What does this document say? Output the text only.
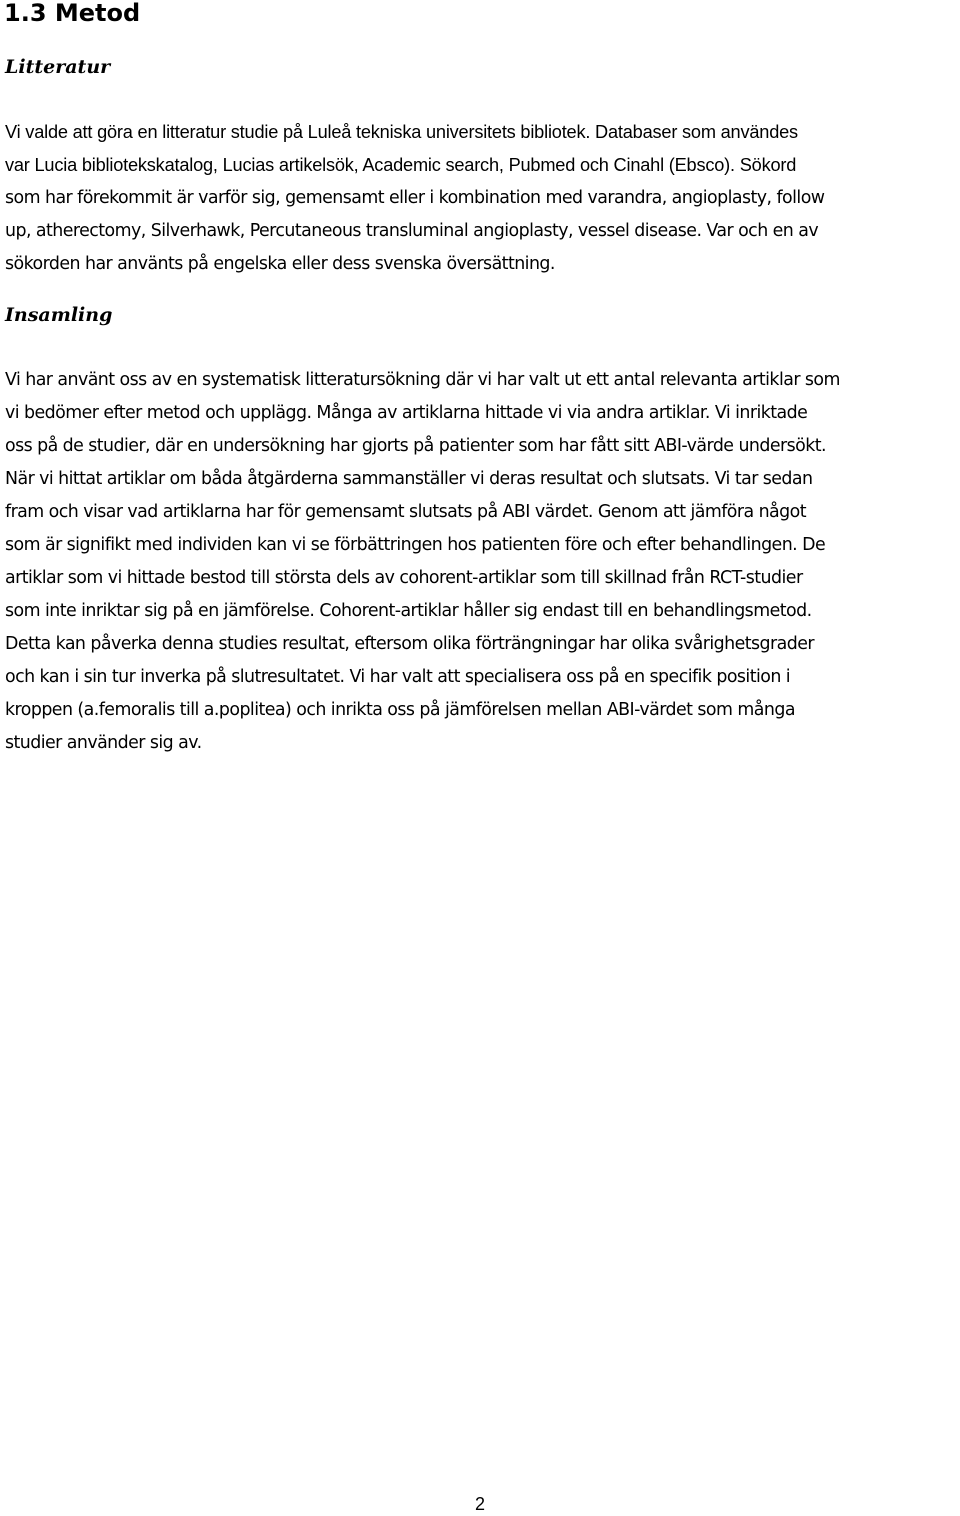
1.3 Metod
Litteratur
Vi valde att göra en litteratur studie på Luleå tekniska universitets bibliotek. Databaser som användes
var Lucia bibliotekskatalog, Lucias artikelsök, Academic search, Pubmed och Cinahl (Ebsco). Sökord
som har förekommit är varför sig, gemensamt eller i kombination med varandra, angioplasty, follow
up, atherectomy, Silverhawk, Percutaneous transluminal angioplasty, vessel disease. Var och en av
sökorden har använts på engelska eller dess svenska översättning.
Insamling
Vi har använt oss av en systematisk litteratursökning där vi har valt ut ett antal relevanta artiklar som
vi bedömer efter metod och upplägg. Många av artiklarna hittade vi via andra artiklar. Vi inriktade
oss på de studier, där en undersökning har gjorts på patienter som har fått sitt ABI-värde undersökt.
När vi hittat artiklar om båda åtgärderna sammanställer vi deras resultat och slutsats. Vi tar sedan
fram och visar vad artiklarna har för gemensamt slutsats på ABI värdet. Genom att jämföra något
som är signifikt med individen kan vi se förbättringen hos patienten före och efter behandlingen. De
artiklar som vi hittade bestod till största dels av cohorent-artiklar som till skillnad från RCT-studier
som inte inriktar sig på en jämförelse. Cohorent-artiklar håller sig endast till en behandlingsmetod.
Detta kan påverka denna studies resultat, eftersom olika förträngningar har olika svårighetsgrader
och kan i sin tur inverka på slutresultatet. Vi har valt att specialisera oss på en specifik position i
kroppen (a.femoralis till a.poplitea) och inrikta oss på jämförelsen mellan ABI-värdet som många
studier använder sig av.

2
